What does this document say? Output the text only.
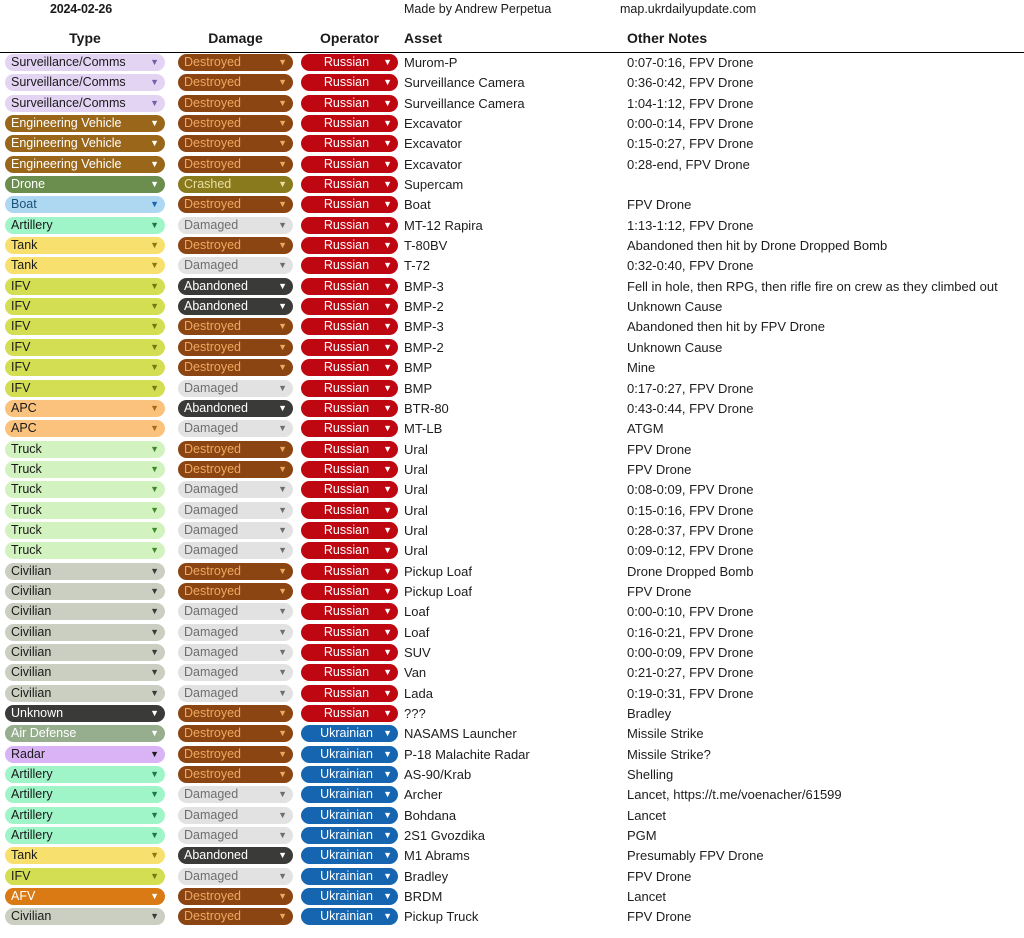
2024-02-26	Made by Andrew Perpetua	map.ukrdailyupdate.com
Type	Damage	Operator	Asset	Other Notes
Surveillance/Comms	▼	Destroyed	▼	Russian ▼ Murom-P	0:07-0:16, FPV Drone
Surveillance/Comms	▼	Destroyed	▼	Russian ▼ Surveillance Camera	0:36-0:42, FPV Drone
Surveillance/Comms	▼	Destroyed	▼	Russian ▼ Surveillance Camera	1:04-1:12, FPV Drone
Engineering Vehicle	▼	Destroyed	▼	Russian ▼ Excavator	0:00-0:14, FPV Drone
Engineering Vehicle	▼	Destroyed	▼	Russian ▼ Excavator	0:15-0:27, FPV Drone
Engineering Vehicle	▼	Destroyed	▼	Russian ▼ Excavator	0:28-end, FPV Drone
Drone	▼	Crashed	▼	Russian ▼ Supercam
Boat	▼	Destroyed	▼	Russian ▼ Boat	FPV Drone
Artillery	▼	Damaged	▼	Russian ▼ MT-12 Rapira	1:13-1:12, FPV Drone
Tank	▼	Destroyed	▼	Russian ▼ T-80BV	Abandoned then hit by Drone Dropped Bomb
Tank	▼	Damaged	▼	Russian ▼ T-72	0:32-0:40, FPV Drone
IFV	▼	Abandoned	▼	Russian ▼ BMP-3	Fell in hole, then RPG, then rifle fire on crew as they climbed out
IFV	▼	Abandoned	▼	Russian ▼ BMP-2	Unknown Cause
IFV	▼	Destroyed	▼	Russian ▼ BMP-3	Abandoned then hit by FPV Drone
IFV	▼	Destroyed	▼	Russian ▼ BMP-2	Unknown Cause
IFV	▼	Destroyed	▼	Russian ▼ BMP	Mine
IFV	▼	Damaged	▼	Russian ▼ BMP	0:17-0:27, FPV Drone
APC	▼	Abandoned	▼	Russian ▼ BTR-80	0:43-0:44, FPV Drone
APC	▼	Damaged	▼	Russian ▼ MT-LB	ATGM
Truck	▼	Destroyed	▼	Russian ▼ Ural	FPV Drone
Truck	▼	Destroyed	▼	Russian ▼ Ural	FPV Drone
Truck	▼	Damaged	▼	Russian ▼ Ural	0:08-0:09, FPV Drone
Truck	▼	Damaged	▼	Russian ▼ Ural	0:15-0:16, FPV Drone
Truck	▼	Damaged	▼	Russian ▼ Ural	0:28-0:37, FPV Drone
Truck	▼	Damaged	▼	Russian ▼ Ural	0:09-0:12, FPV Drone
Civilian	▼	Destroyed	▼	Russian ▼ Pickup Loaf	Drone Dropped Bomb
Civilian	▼	Destroyed	▼	Russian ▼ Pickup Loaf	FPV Drone
Civilian	▼	Damaged	▼	Russian ▼ Loaf	0:00-0:10, FPV Drone
Civilian	▼	Damaged	▼	Russian ▼ Loaf	0:16-0:21, FPV Drone
Civilian	▼	Damaged	▼	Russian ▼ SUV	0:00-0:09, FPV Drone
Civilian	▼	Damaged	▼	Russian ▼ Van	0:21-0:27, FPV Drone
Civilian	▼	Damaged	▼	Russian ▼ Lada	0:19-0:31, FPV Drone
Unknown	▼	Destroyed	▼	Russian ▼ ???	Bradley
Air Defense	▼	Destroyed	▼	Ukrainian ▼ NASAMS Launcher	Missile Strike
Radar	▼	Destroyed	▼	Ukrainian ▼ P-18 Malachite Radar	Missile Strike?
Artillery	▼	Destroyed	▼	Ukrainian ▼ AS-90/Krab	Shelling
Artillery	▼	Damaged	▼	Ukrainian ▼ Archer	Lancet, https://t.me/voenacher/61599
Artillery	▼	Damaged	▼	Ukrainian ▼ Bohdana	Lancet
Artillery	▼	Damaged	▼	Ukrainian ▼ 2S1 Gvozdika	PGM
Tank	▼	Abandoned	▼	Ukrainian ▼ M1 Abrams	Presumably FPV Drone
IFV	▼	Damaged	▼	Ukrainian ▼ Bradley	FPV Drone
AFV	▼	Destroyed	▼	Ukrainian ▼ BRDM	Lancet
Civilian	▼	Destroyed	▼	Ukrainian ▼ Pickup Truck	FPV Drone
